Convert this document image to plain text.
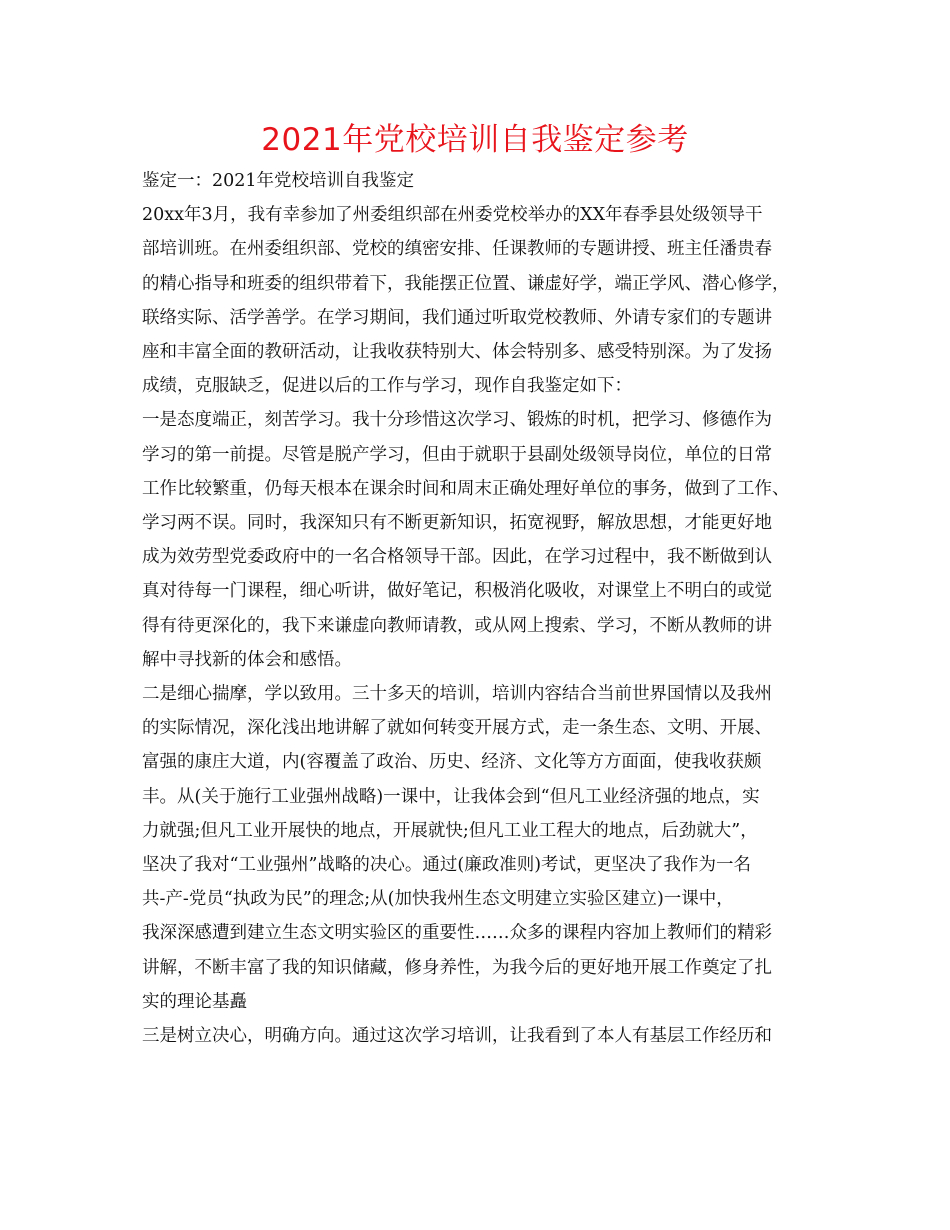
2021年党校培训自我鉴定参考

鉴定一：2021年党校培训自我鉴定

20xx年3月，我有幸参加了州委组织部在州委党校举办的XX年春季县处级领导干
部培训班。在州委组织部、党校的缜密安排、任课教师的专题讲授、班主任潘贵春
的精心指导和班委的组织带着下，我能摆正位置、谦虚好学，端正学风、潜心修学，
联络实际、活学善学。在学习期间，我们通过听取党校教师、外请专家们的专题讲
座和丰富全面的教研活动，让我收获特别大、体会特别多、感受特别深。为了发扬
成绩，克服缺乏，促进以后的工作与学习，现作自我鉴定如下：

一是态度端正，刻苦学习。我十分珍惜这次学习、锻炼的时机，把学习、修德作为
学习的第一前提。尽管是脱产学习，但由于就职于县副处级领导岗位，单位的日常
工作比较繁重，仍每天根本在课余时间和周末正确处理好单位的事务，做到了工作、
学习两不误。同时，我深知只有不断更新知识，拓宽视野，解放思想，才能更好地
成为效劳型党委政府中的一名合格领导干部。因此，在学习过程中，我不断做到认
真对待每一门课程，细心听讲，做好笔记，积极消化吸收，对课堂上不明白的或觉
得有待更深化的，我下来谦虚向教师请教，或从网上搜索、学习，不断从教师的讲
解中寻找新的体会和感悟。

二是细心揣摩，学以致用。三十多天的培训，培训内容结合当前世界国情以及我州
的实际情况，深化浅出地讲解了就如何转变开展方式，走一条生态、文明、开展、
富强的康庄大道，内(容覆盖了政治、历史、经济、文化等方方面面，使我收获颇
丰。从(关于施行工业强州战略)一课中，让我体会到“但凡工业经济强的地点，实
力就强;但凡工业开展快的地点，开展就快;但凡工业工程大的地点，后劲就大”，
坚决了我对“工业强州”战略的决心。通过(廉政准则)考试，更坚决了我作为一名
共-产-党员“执政为民”的理念;从(加快我州生态文明建立实验区建立)一课中，
我深深感遭到建立生态文明实验区的重要性……众多的课程内容加上教师们的精彩
讲解，不断丰富了我的知识储藏，修身养性，为我今后的更好地开展工作奠定了扎
实的理论基矗

三是树立决心，明确方向。通过这次学习培训，让我看到了本人有基层工作经历和
